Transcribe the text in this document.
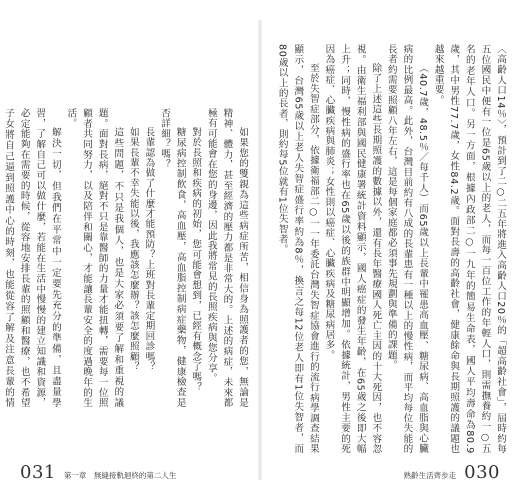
如果您的雙親為這些病症所苦，相信身為照護者的您，無論是精神、體力，甚至經濟的壓力都是非常大的。上述的病症，未來都極有可能會在您的身邊，因此我將常見的長照疾病與您分享。

對於長照和疾病的初始，您可能會想到，已經有概念了嗎？

糖尿病控制飲食，高血壓，高血脂控制病症藥物，健康檢查是否詳細？嗎？

長輩認為做了什麼才能預防？上班對長輩定期回診嗎？

如果長輩不幸失能以後，我應該怎麼辦？該怎麼照顧？

這些問題，不只是我個人，也是大家必須要了解和重視的議題。面對長病，絕對不只是靠醫師的力量才能扭轉，需要每一位照顧者共同努力，以及陪伴和關心，才能讓長輩安全的度過晚年的生活。

解決一切，但我們在平常中一定要先充分的準備，且盡量學習，了解自己可以做什麼，若能在生活中慢慢的建立知識和資源，必定能夠在需要的時候，從容地安排長輩的照顧和醫療，也不希望子女將自己逼到照護中心的時刻，也能從容了解及注意長輩的情

031 第一章　無縫接軌迴終的第二人生

〈高齡人口14％〉，預計到了二○二五年將進入高齡人口20％的「超高齡社會」，屆時約每五位國民中便有一位是65歲以上的老人，而每一百位工作的年輕人口，則需撫養約一○五名的老年人口。另一方面，根據內政部二○一九年的簡易生命表，國人平均壽命為80.9歲，其中男性77.7歲，女性84.2歲。面對長壽的高齡社會，健康餘命與長期照護的議題也越來越重要。

（40.7歲，48.5％／每千人）而65歲以上長輩中罹患高血壓、糖尿病、高血脂與心臟病的比例最高。此外，台灣目前約有八成的長輩患有一種以上的慢性病，而平均每位失能的長者約需要照顧八年左右，這是每個家庭都必須事先規劃與準備的課題。

除了上述這些長期照護的數據以外，還有長年醫療國人死亡主因的十大死因，也不容忽視。由衛生福利部與國民健康署統計資料顯示，國人癌症的發生年齡，在65歲之後即大幅上升；同時，慢性病的盛行率也在65歲以後的族群中明顯增加。依據統計，男性主要的死因為癌症、心臟疾病與肺炎；女性則以癌症、心臟疾病及糖尿病居多。

至於失智症部分，依據衛福部二○一一年委託台灣失智症協會進行的流行病學調查結果顯示，台灣65歲以上老人失智症盛行率約為8％，換言之每12位老人即有1位失智者，而80歲以上的長者，則約每5位就有1位失智者。

熟齡生活齊步走 030
